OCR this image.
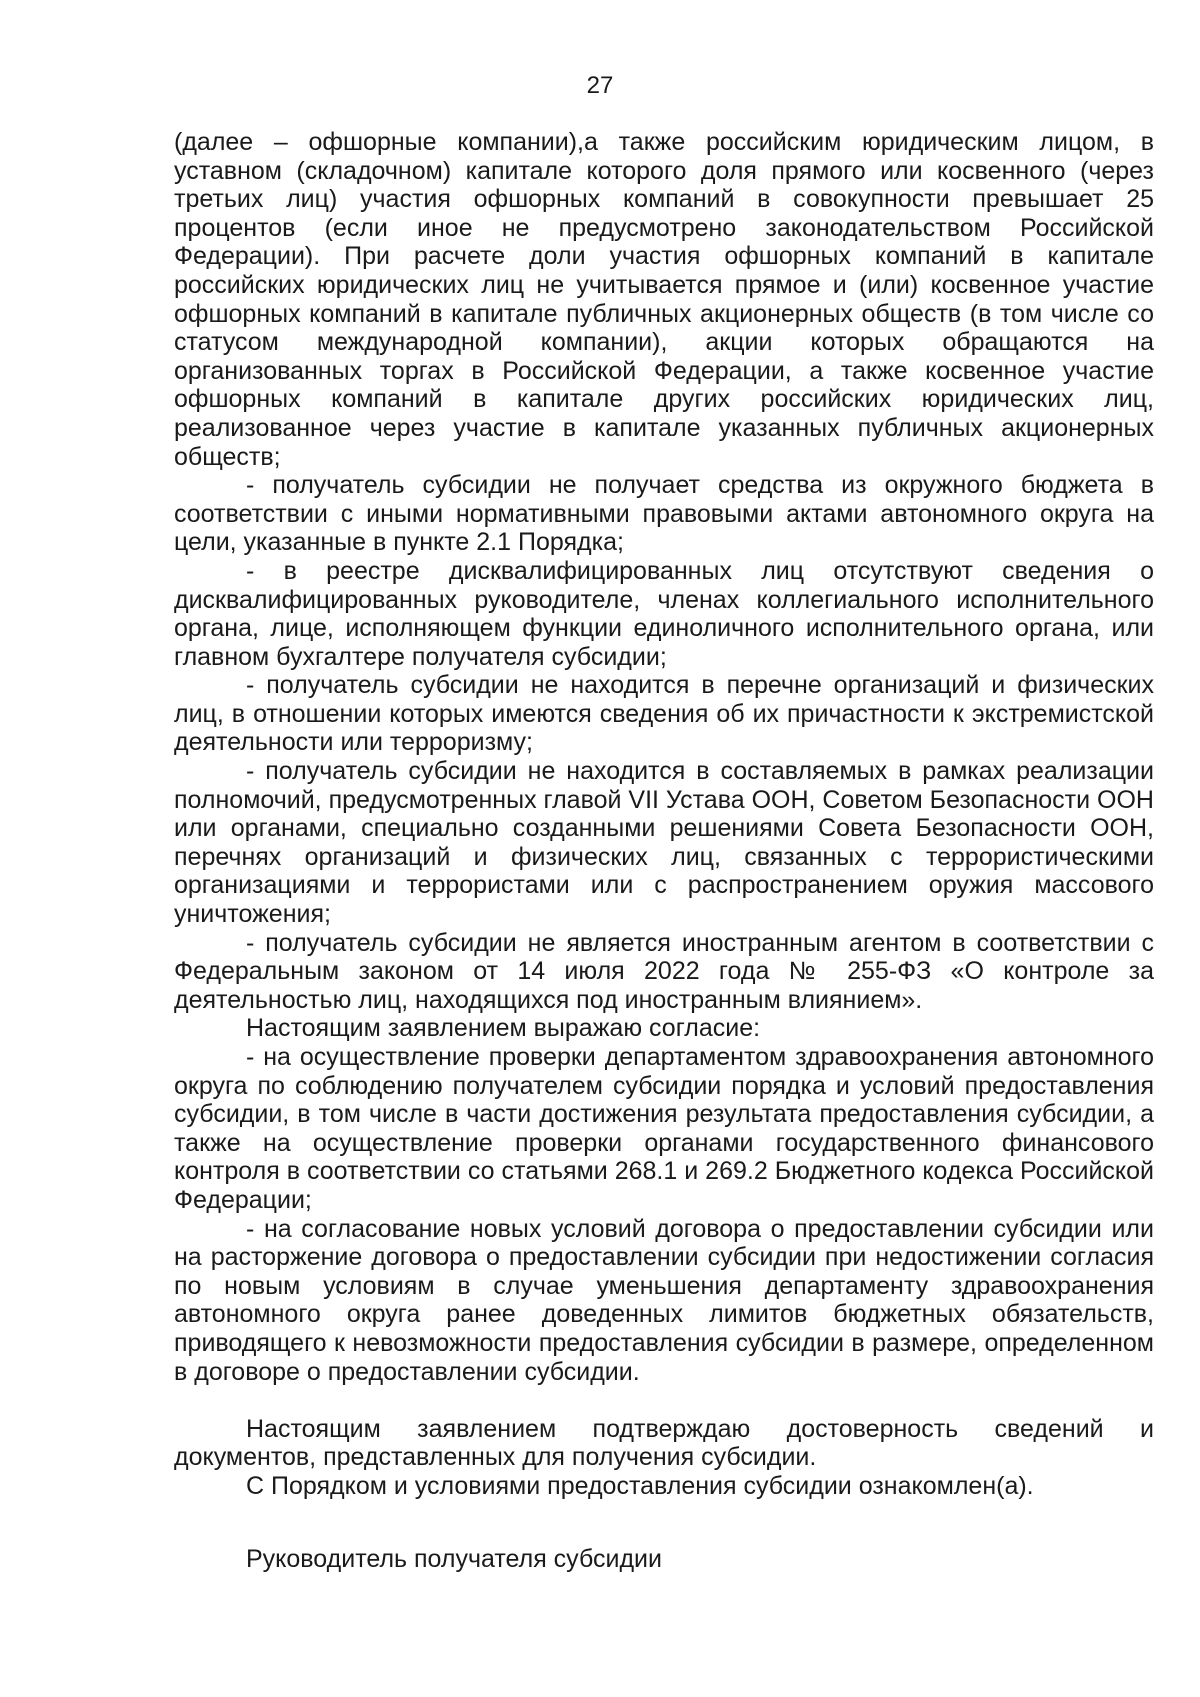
27

(далее – офшорные компании),а также российским юридическим лицом, в уставном (складочном) капитале которого доля прямого или косвенного (через третьих лиц) участия офшорных компаний в совокупности превышает 25 процентов (если иное не предусмотрено законодательством Российской Федерации). При расчете доли участия офшорных компаний в капитале российских юридических лиц не учитывается прямое и (или) косвенное участие офшорных компаний в капитале публичных акционерных обществ (в том числе со статусом международной компании), акции которых обращаются на организованных торгах в Российской Федерации, а также косвенное участие офшорных компаний в капитале других российских юридических лиц, реализованное через участие в капитале указанных публичных акционерных обществ;

- получатель субсидии не получает средства из окружного бюджета в соответствии с иными нормативными правовыми актами автономного округа на цели, указанные в пункте 2.1 Порядка;

- в реестре дисквалифицированных лиц отсутствуют сведения о дисквалифицированных руководителе, членах коллегиального исполнительного органа, лице, исполняющем функции единоличного исполнительного органа, или главном бухгалтере получателя субсидии;

- получатель субсидии не находится в перечне организаций и физических лиц, в отношении которых имеются сведения об их причастности к экстремистской деятельности или терроризму;

- получатель субсидии не находится в составляемых в рамках реализации полномочий, предусмотренных главой VII Устава ООН, Советом Безопасности ООН или органами, специально созданными решениями Совета Безопасности ООН, перечнях организаций и физических лиц, связанных с террористическими организациями и террористами или с распространением оружия массового уничтожения;

- получатель субсидии не является иностранным агентом в соответствии с Федеральным законом от 14 июля 2022 года № 255-ФЗ «О контроле за деятельностью лиц, находящихся под иностранным влиянием».

Настоящим заявлением выражаю согласие:

- на осуществление проверки департаментом здравоохранения автономного округа по соблюдению получателем субсидии порядка и условий предоставления субсидии, в том числе в части достижения результата предоставления субсидии, а также на осуществление проверки органами государственного финансового контроля в соответствии со статьями 268.1 и 269.2 Бюджетного кодекса Российской Федерации;

- на согласование новых условий договора о предоставлении субсидии или на расторжение договора о предоставлении субсидии при недостижении согласия по новым условиям в случае уменьшения департаменту здравоохранения автономного округа ранее доведенных лимитов бюджетных обязательств, приводящего к невозможности предоставления субсидии в размере, определенном в договоре о предоставлении субсидии.

Настоящим заявлением подтверждаю достоверность сведений и документов, представленных для получения субсидии.

С Порядком и условиями предоставления субсидии ознакомлен(а).

Руководитель получателя субсидии
